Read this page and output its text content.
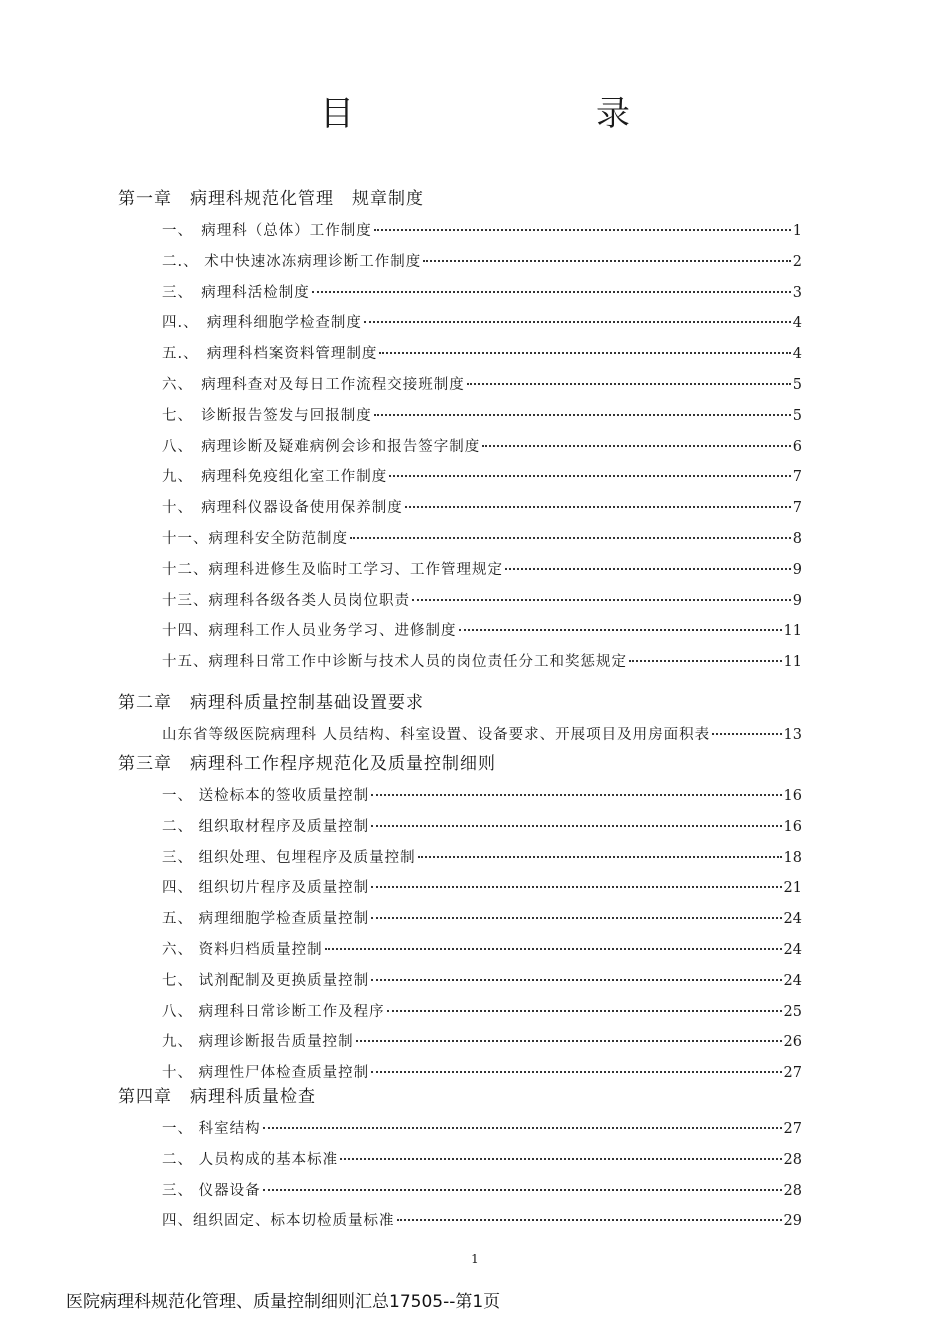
目　　录
第一章　病理科规范化管理　规章制度
一、　病理科（总体）工作制度	1
二.、 术中快速冰冻病理诊断工作制度	2
三、　病理科活检制度	3
四.、　病理科细胞学检查制度	4
五.、　病理科档案资料管理制度	4
六、　病理科查对及每日工作流程交接班制度	5
七、　诊断报告签发与回报制度	5
八、　病理诊断及疑难病例会诊和报告签字制度	6
九、　病理科免疫组化室工作制度	7
十、　病理科仪器设备使用保养制度	7
十一、病理科安全防范制度	8
十二、病理科进修生及临时工学习、工作管理规定	9
十三、病理科各级各类人员岗位职责	9
十四、病理科工作人员业务学习、进修制度	11
十五、病理科日常工作中诊断与技术人员的岗位责任分工和奖惩规定	11
第二章　病理科质量控制基础设置要求
山东省等级医院病理科 人员结构、科室设置、设备要求、开展项目及用房面积表	13
第三章　病理科工作程序规范化及质量控制细则
一、 送检标本的签收质量控制	16
二、 组织取材程序及质量控制	16
三、 组织处理、包埋程序及质量控制	18
四、 组织切片程序及质量控制	21
五、 病理细胞学检查质量控制	24
六、 资料归档质量控制	24
七、 试剂配制及更换质量控制	24
八、 病理科日常诊断工作及程序	25
九、 病理诊断报告质量控制	26
十、 病理性尸体检查质量控制	27
第四章　病理科质量检查
一、 科室结构	27
二、 人员构成的基本标准	28
三、 仪器设备	28
四、组织固定、标本切检质量标准	29
1
医院病理科规范化管理、质量控制细则汇总17505--第1页
